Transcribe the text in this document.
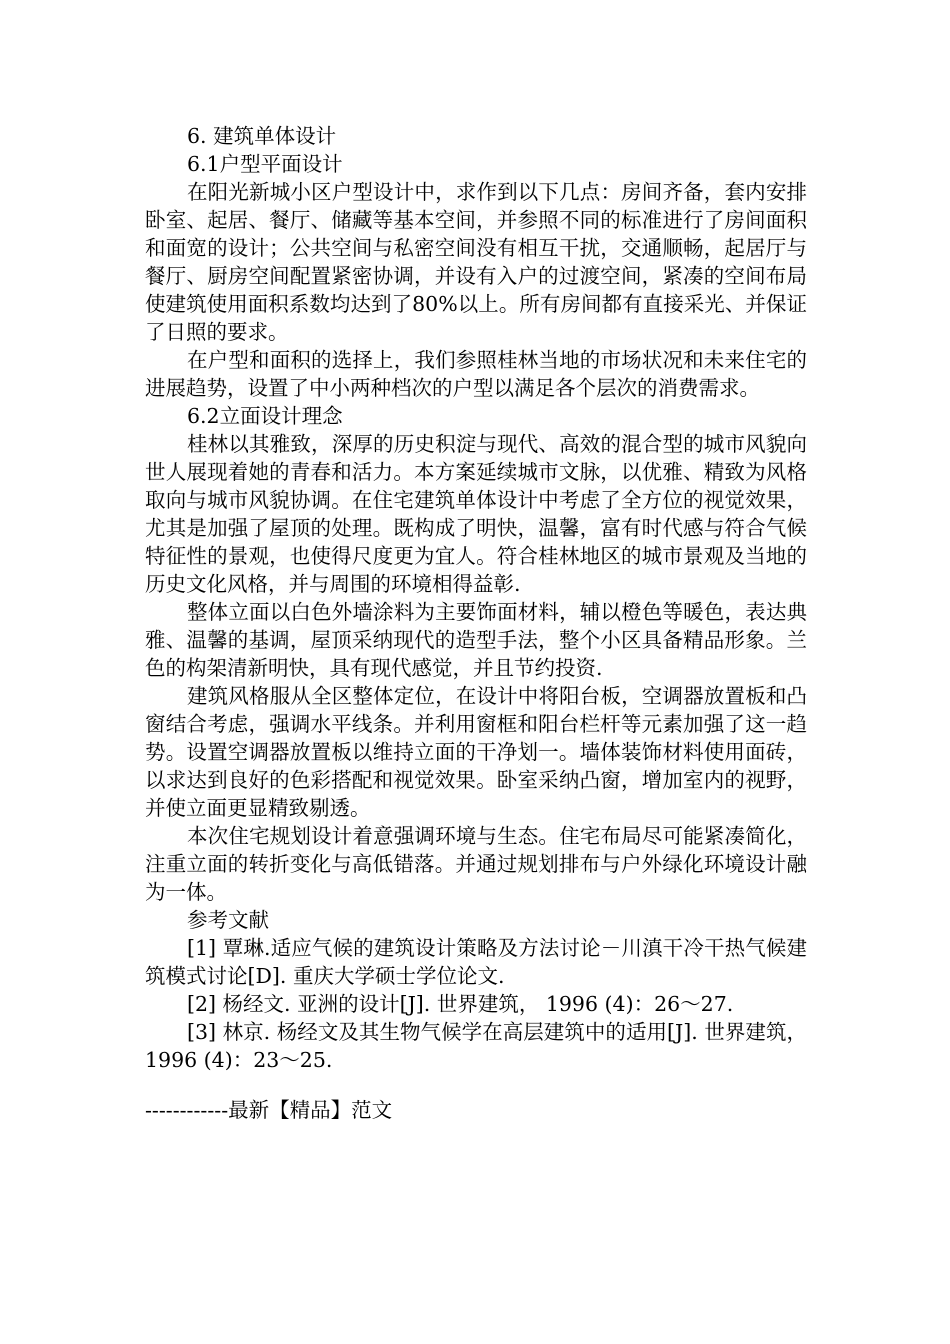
6. 建筑单体设计

6.1户型平面设计

在阳光新城小区户型设计中，求作到以下几点：房间齐备，套内安排卧室、起居、餐厅、储藏等基本空间，并参照不同的标准进行了房间面积和面宽的设计；公共空间与私密空间没有相互干扰，交通顺畅，起居厅与餐厅、厨房空间配置紧密协调，并设有入户的过渡空间，紧凑的空间布局使建筑使用面积系数均达到了80%以上。所有房间都有直接采光、并保证了日照的要求。

在户型和面积的选择上，我们参照桂林当地的市场状况和未来住宅的进展趋势，设置了中小两种档次的户型以满足各个层次的消费需求。

6.2立面设计理念

桂林以其雅致，深厚的历史积淀与现代、高效的混合型的城市风貌向世人展现着她的青春和活力。本方案延续城市文脉，以优雅、精致为风格取向与城市风貌协调。在住宅建筑单体设计中考虑了全方位的视觉效果，尤其是加强了屋顶的处理。既构成了明快，温馨，富有时代感与符合气候特征性的景观，也使得尺度更为宜人。符合桂林地区的城市景观及当地的历史文化风格，并与周围的环境相得益彰.

整体立面以白色外墙涂料为主要饰面材料，辅以橙色等暖色，表达典雅、温馨的基调，屋顶采纳现代的造型手法，整个小区具备精品形象。兰色的构架清新明快，具有现代感觉，并且节约投资.

建筑风格服从全区整体定位，在设计中将阳台板，空调器放置板和凸窗结合考虑，强调水平线条。并利用窗框和阳台栏杆等元素加强了这一趋势。设置空调器放置板以维持立面的干净划一。墙体装饰材料使用面砖，以求达到良好的色彩搭配和视觉效果。卧室采纳凸窗，增加室内的视野，并使立面更显精致剔透。

本次住宅规划设计着意强调环境与生态。住宅布局尽可能紧凑简化，注重立面的转折变化与高低错落。并通过规划排布与户外绿化环境设计融为一体。

参考文献

[1] 覃琳.适应气候的建筑设计策略及方法讨论－川滇干冷干热气候建筑模式讨论[D]. 重庆大学硕士学位论文.

[2] 杨经文. 亚洲的设计[J]. 世界建筑， 1996 (4)：26～27.

[3] 林京. 杨经文及其生物气候学在高层建筑中的适用[J]. 世界建筑， 1996 (4)：23～25.

------------最新【精品】范文
